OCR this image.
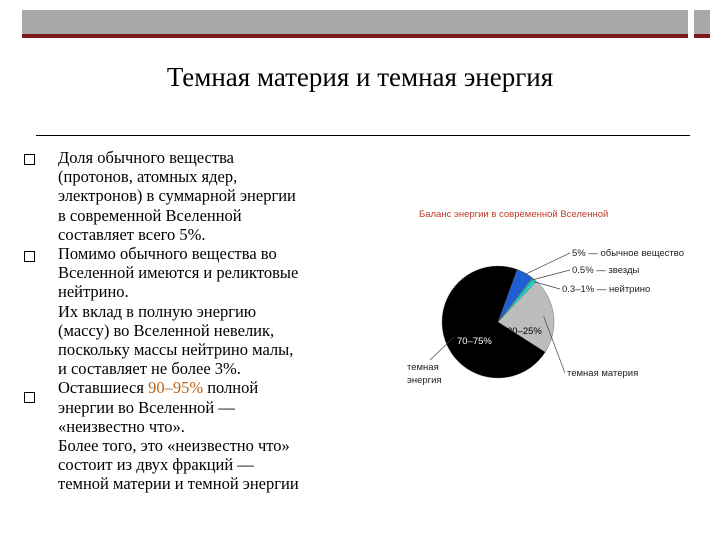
Темная материя и темная энергия
Доля обычного вещества
(протонов, атомных ядер,
электронов) в суммарной энергии
в современной Вселенной
составляет всего 5%.
Помимо обычного вещества во
Вселенной имеются и реликтовые
нейтрино.
Их вклад в полную энергию
(массу) во Вселенной невелик,
поскольку массы нейтрино малы,
и составляет не более 3%.
Оставшиеся 90–95% полной
энергии во Вселенной —
«неизвестно что».
Более того, это «неизвестно что»
состоит из двух фракций —
темной материи и темной энергии
Баланс энергии в современной Вселенной
5% — обычное вещество
0.5% — звезды
0.3–1% — нейтрино
20–25%
70–75%
темная материя
темная
энергия
